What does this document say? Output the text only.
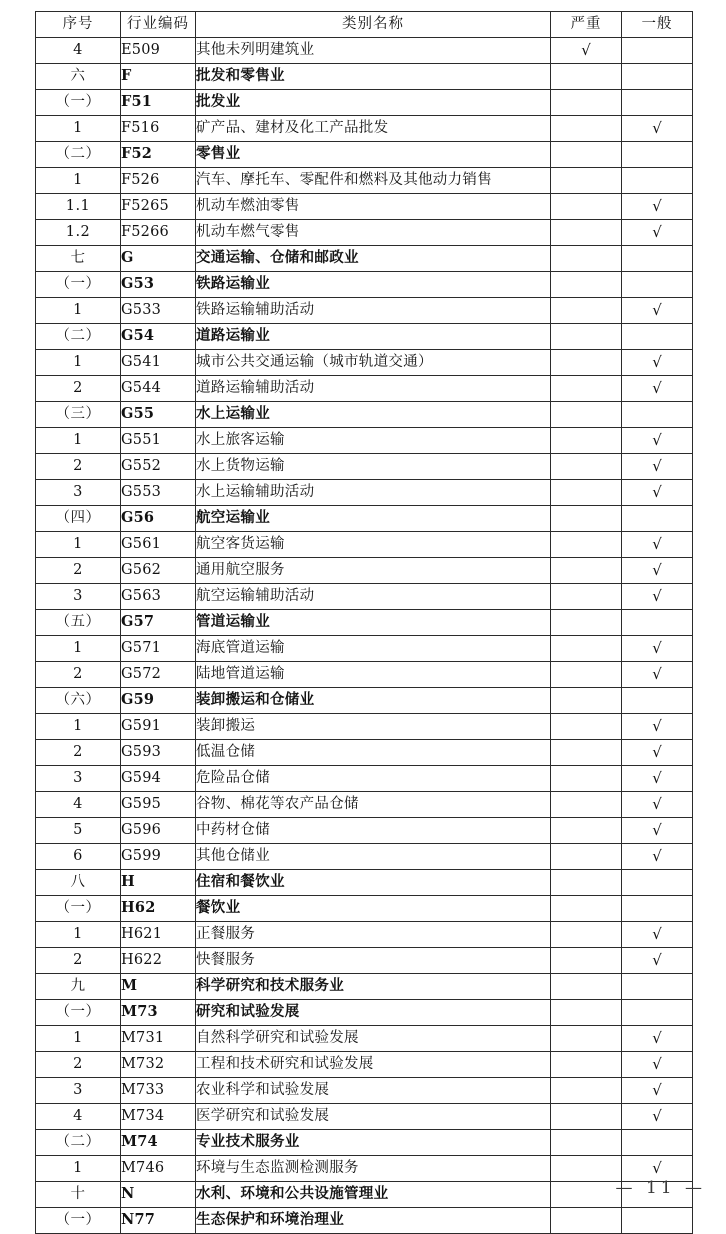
序号	行业编码	类别名称	严重	一般
4	E509	其他未列明建筑业	√	
六	F	批发和零售业		
（一）	F51	批发业		
1	F516	矿产品、建材及化工产品批发		√
（二）	F52	零售业		
1	F526	汽车、摩托车、零配件和燃料及其他动力销售		
1.1	F5265	机动车燃油零售		√
1.2	F5266	机动车燃气零售		√
七	G	交通运输、仓储和邮政业		
（一）	G53	铁路运输业		
1	G533	铁路运输辅助活动		√
（二）	G54	道路运输业		
1	G541	城市公共交通运输（城市轨道交通）		√
2	G544	道路运输辅助活动		√
（三）	G55	水上运输业		
1	G551	水上旅客运输		√
2	G552	水上货物运输		√
3	G553	水上运输辅助活动		√
（四）	G56	航空运输业		
1	G561	航空客货运输		√
2	G562	通用航空服务		√
3	G563	航空运输辅助活动		√
（五）	G57	管道运输业		
1	G571	海底管道运输		√
2	G572	陆地管道运输		√
（六）	G59	装卸搬运和仓储业		
1	G591	装卸搬运		√
2	G593	低温仓储		√
3	G594	危险品仓储		√
4	G595	谷物、棉花等农产品仓储		√
5	G596	中药材仓储		√
6	G599	其他仓储业		√
八	H	住宿和餐饮业		
（一）	H62	餐饮业		
1	H621	正餐服务		√
2	H622	快餐服务		√
九	M	科学研究和技术服务业		
（一）	M73	研究和试验发展		
1	M731	自然科学研究和试验发展		√
2	M732	工程和技术研究和试验发展		√
3	M733	农业科学和试验发展		√
4	M734	医学研究和试验发展		√
（二）	M74	专业技术服务业		
1	M746	环境与生态监测检测服务		√
十	N	水利、环境和公共设施管理业		
（一）	N77	生态保护和环境治理业		
— 11 —
